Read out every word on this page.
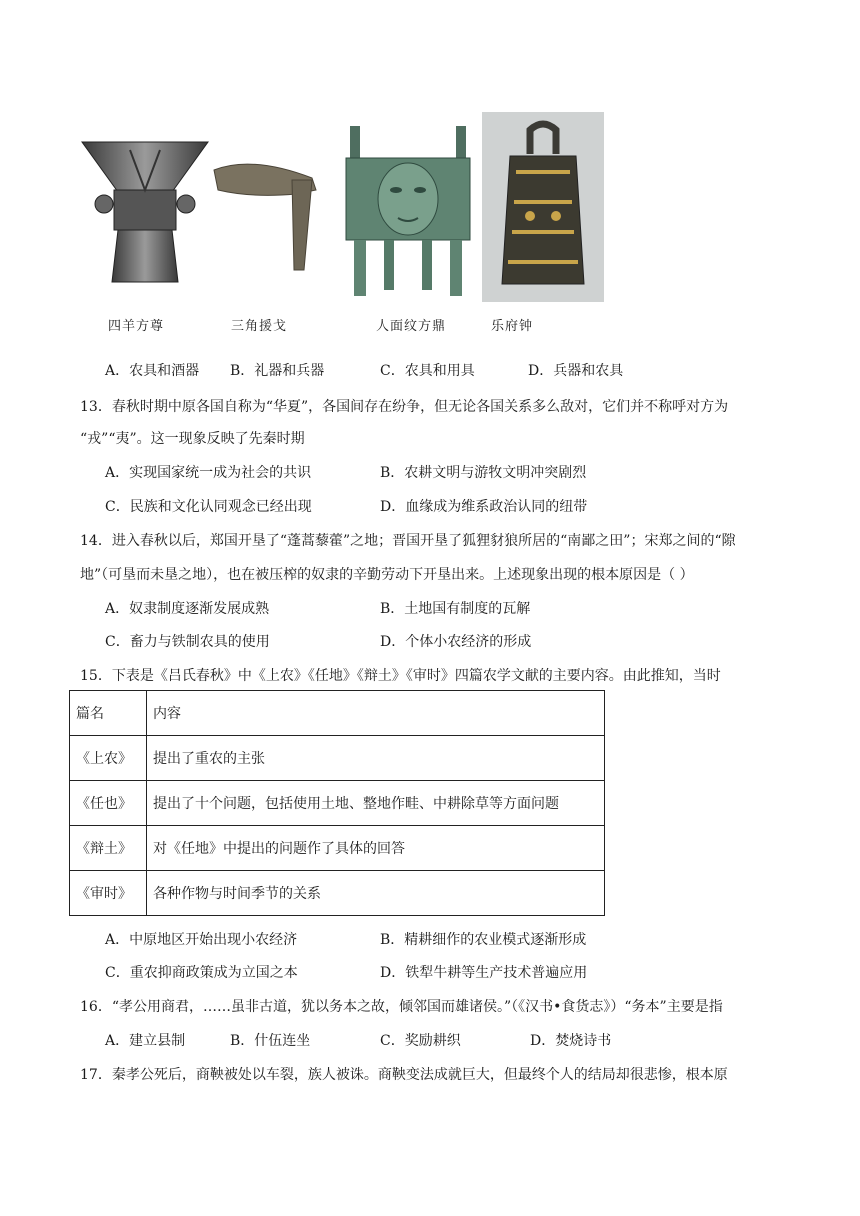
四羊方尊	三角援戈	人面纹方鼎	乐府钟
A．农具和酒器 B．礼器和兵器	C．农具和用具	D．兵器和农具
13．春秋时期中原各国自称为“华夏”，各国间存在纷争，但无论各国关系多么敌对，它们并不称呼对方为
“戎”“夷”。这一现象反映了先秦时期
A．实现国家统一成为社会的共识	B．农耕文明与游牧文明冲突剧烈
C．民族和文化认同观念已经出现	D．血缘成为维系政治认同的纽带
14．进入春秋以后，郑国开垦了“蓬蒿藜藿”之地；晋国开垦了狐狸豺狼所居的“南鄙之田”；宋郑之间的“隙
地”（可垦而未垦之地），也在被压榨的奴隶的辛勤劳动下开垦出来。上述现象出现的根本原因是（ ）
A．奴隶制度逐渐发展成熟	B．土地国有制度的瓦解
C．畜力与铁制农具的使用	D．个体小农经济的形成
15．下表是《吕氏春秋》中《上农》《任地》《辩土》《审时》四篇农学文献的主要内容。由此推知，当时
篇名	内容
《上农》	提出了重农的主张
《任也》	提出了十个问题，包括使用土地、整地作畦、中耕除草等方面问题
《辩土》	对《任地》中提出的问题作了具体的回答
《审时》	各种作物与时间季节的关系
A．中原地区开始出现小农经济	B．精耕细作的农业模式逐渐形成
C．重农抑商政策成为立国之本	D．铁犁牛耕等生产技术普遍应用
16．“孝公用商君，……虽非古道，犹以务本之故，倾邻国而雄诸侯。”（《汉书•食货志》）“务本”主要是指
A．建立县制	B．什伍连坐	C．奖励耕织	D．焚烧诗书
17．秦孝公死后，商鞅被处以车裂，族人被诛。商鞅变法成就巨大，但最终个人的结局却很悲惨，根本原
